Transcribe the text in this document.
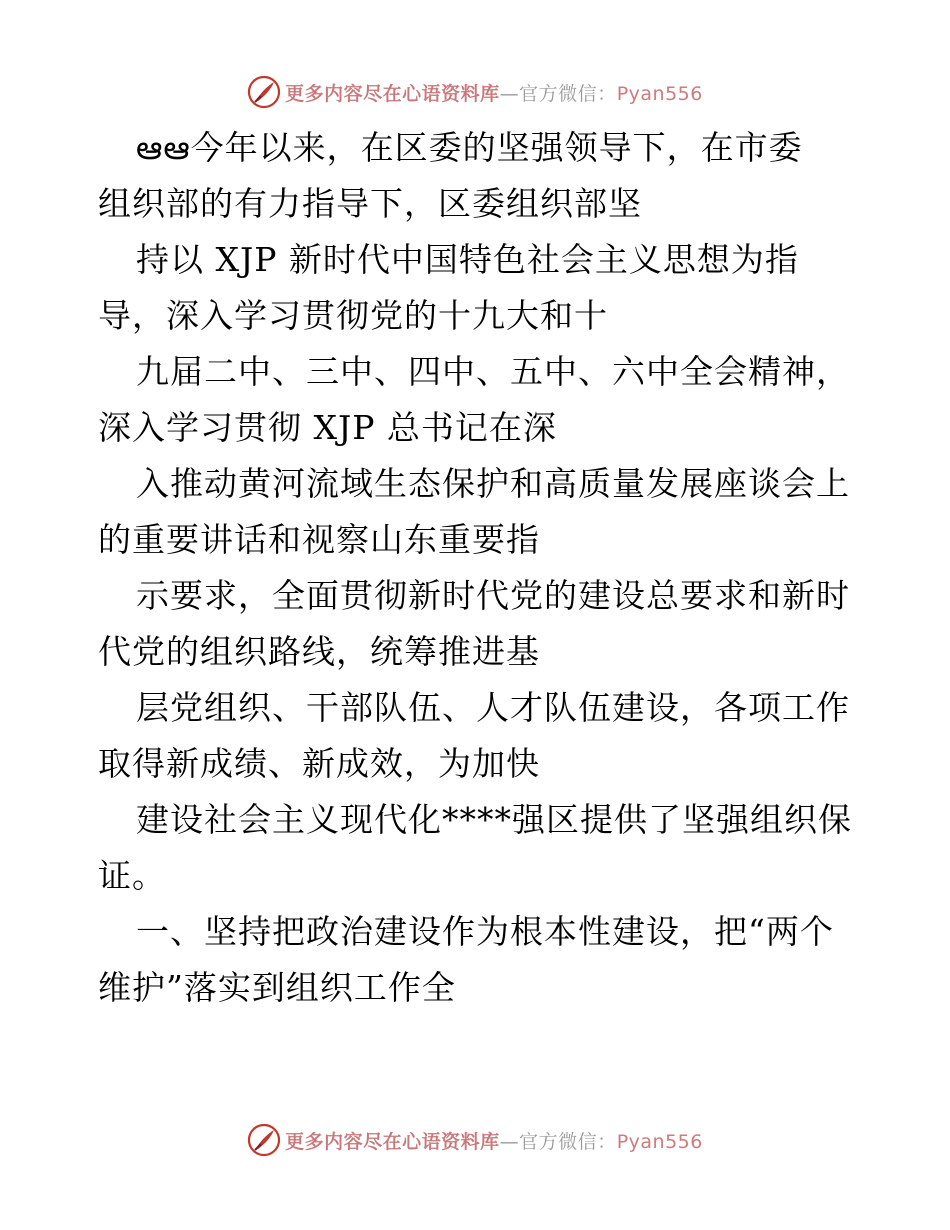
更多内容尽在心语资料库—官方微信：Pyan556
ఆఆ今年以来，在区委的坚强领导下，在市委
组织部的有力指导下，区委组织部坚
持以 XJP 新时代中国特色社会主义思想为指
导，深入学习贯彻党的十九大和十
九届二中、三中、四中、五中、六中全会精神，
深入学习贯彻 XJP 总书记在深
入推动黄河流域生态保护和高质量发展座谈会上
的重要讲话和视察山东重要指
示要求，全面贯彻新时代党的建设总要求和新时
代党的组织路线，统筹推进基
层党组织、干部队伍、人才队伍建设，各项工作
取得新成绩、新成效，为加快
建设社会主义现代化****强区提供了坚强组织保
证。
一、坚持把政治建设作为根本性建设，把“两个
维护”落实到组织工作全
更多内容尽在心语资料库—官方微信：Pyan556
